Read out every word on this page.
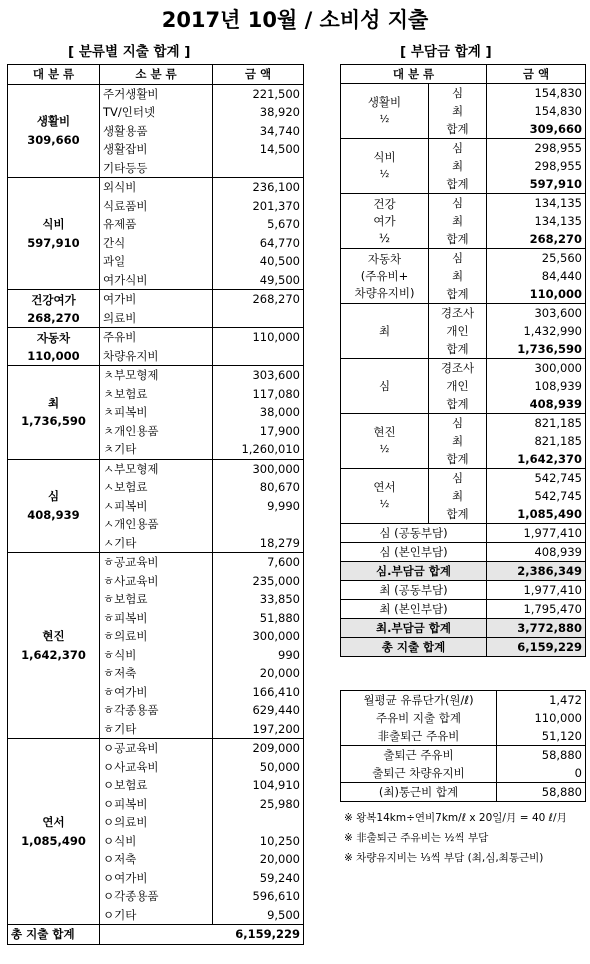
2017년 10월 / 소비성 지출
[ 분류별 지출 합계 ]	[ 부담금 합계 ]
대 분 류	소 분 류	금 액

생활비
309,660	주거생활비	221,500
	TV/인터넷	38,920
	생활용품	34,740
	생활잡비	14,500
	기타등등	

식비
597,910	외식비	236,100
	식료품비	201,370
	유제품	5,670
	간식	64,770
	과일	40,500
	여가식비	49,500

건강여가
268,270	여가비	268,270
	의료비	

자동차
110,000	주유비	110,000
	차량유지비	

최
1,736,590	ㅊ부모형제	303,600
	ㅊ보험료	117,080
	ㅊ피복비	38,000
	ㅊ개인용품	17,900
	ㅊ기타	1,260,010

심
408,939	ㅅ부모형제	300,000
	ㅅ보험료	80,670
	ㅅ피복비	9,990
	ㅅ개인용품	
	ㅅ기타	18,279

현진
1,642,370	ㅎ공교육비	7,600
	ㅎ사교육비	235,000
	ㅎ보험료	33,850
	ㅎ피복비	51,880
	ㅎ의료비	300,000
	ㅎ식비	990
	ㅎ저축	20,000
	ㅎ여가비	166,410
	ㅎ각종용품	629,440
	ㅎ기타	197,200

연서
1,085,490	ㅇ공교육비	209,000
	ㅇ사교육비	50,000
	ㅇ보험료	104,910
	ㅇ피복비	25,980
	ㅇ의료비	
	ㅇ식비	10,250
	ㅇ저축	20,000
	ㅇ여가비	59,240
	ㅇ각종용품	596,610
	ㅇ기타	9,500
총 지출 합계	6,159,229	
대 분 류		금 액

생활비
½	심	154,830
	최	154,830
	합계	309,660

식비
½	심	298,955
	최	298,955
	합계	597,910

건강
여가
½	심	134,135
	최	134,135
	합계	268,270

자동차
(주유비+
차량유지비)	심	25,560
	최	84,440
	합계	110,000

최	경조사	303,600
	개인	1,432,990
	합계	1,736,590

심	경조사	300,000
	개인	108,939
	합계	408,939

현진
½	심	821,185
	최	821,185
	합계	1,642,370

연서
½	심	542,745
	최	542,745
	합계	1,085,490
심 (공동부담)		1,977,410
심 (본인부담)		408,939
심.부담금 합계		2,386,349
최 (공동부담)		1,977,410
최 (본인부담)		1,795,470
최.부담금 합계		3,772,880
총 지출 합계		6,159,229
월평균 유류단가(원/ℓ)	1,472
주유비 지출 합계	110,000
非출퇴근 주유비	51,120
출퇴근 주유비	58,880
출퇴근 차량유지비	0
(최)통근비 합계	58,880
※ 왕복14km÷연비7km/ℓ x 20일/月 = 40 ℓ/月
※ 非출퇴근 주유비는 ½씩 부담
※ 차량유지비는 ⅓씩 부담 (최,심,최통근비)
